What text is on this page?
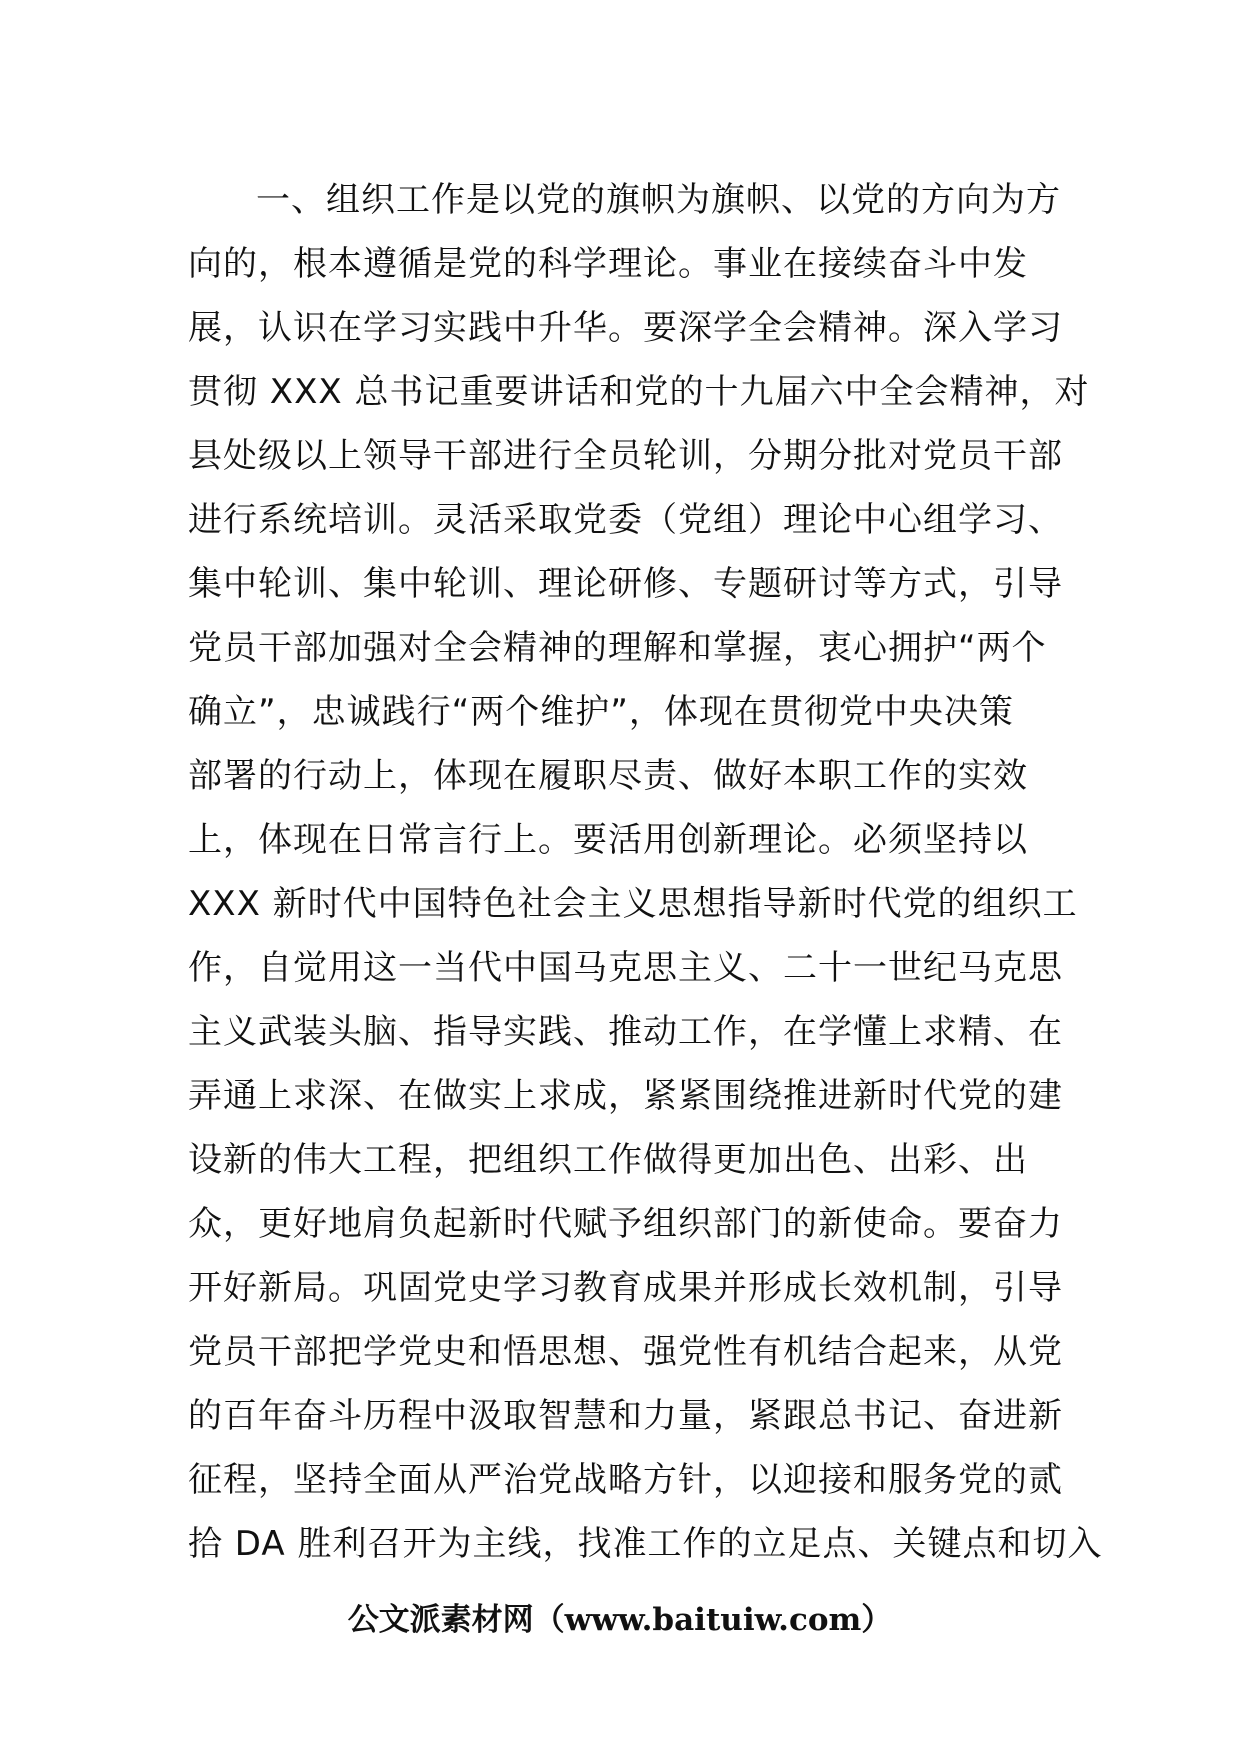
一、组织工作是以党的旗帜为旗帜、以党的方向为方
向的，根本遵循是党的科学理论。事业在接续奋斗中发
展，认识在学习实践中升华。要深学全会精神。深入学习
贯彻 XXX 总书记重要讲话和党的十九届六中全会精神，对
县处级以上领导干部进行全员轮训，分期分批对党员干部
进行系统培训。灵活采取党委（党组）理论中心组学习、
集中轮训、集中轮训、理论研修、专题研讨等方式，引导
党员干部加强对全会精神的理解和掌握，衷心拥护“两个
确立”，忠诚践行“两个维护”，体现在贯彻党中央决策
部署的行动上，体现在履职尽责、做好本职工作的实效
上，体现在日常言行上。要活用创新理论。必须坚持以
XXX 新时代中国特色社会主义思想指导新时代党的组织工
作，自觉用这一当代中国马克思主义、二十一世纪马克思
主义武装头脑、指导实践、推动工作，在学懂上求精、在
弄通上求深、在做实上求成，紧紧围绕推进新时代党的建
设新的伟大工程，把组织工作做得更加出色、出彩、出
众，更好地肩负起新时代赋予组织部门的新使命。要奋力
开好新局。巩固党史学习教育成果并形成长效机制，引导
党员干部把学党史和悟思想、强党性有机结合起来，从党
的百年奋斗历程中汲取智慧和力量，紧跟总书记、奋进新
征程，坚持全面从严治党战略方针，以迎接和服务党的贰
拾 DA 胜利召开为主线，找准工作的立足点、关键点和切入
公文派素材网（www.baituiw.com）
